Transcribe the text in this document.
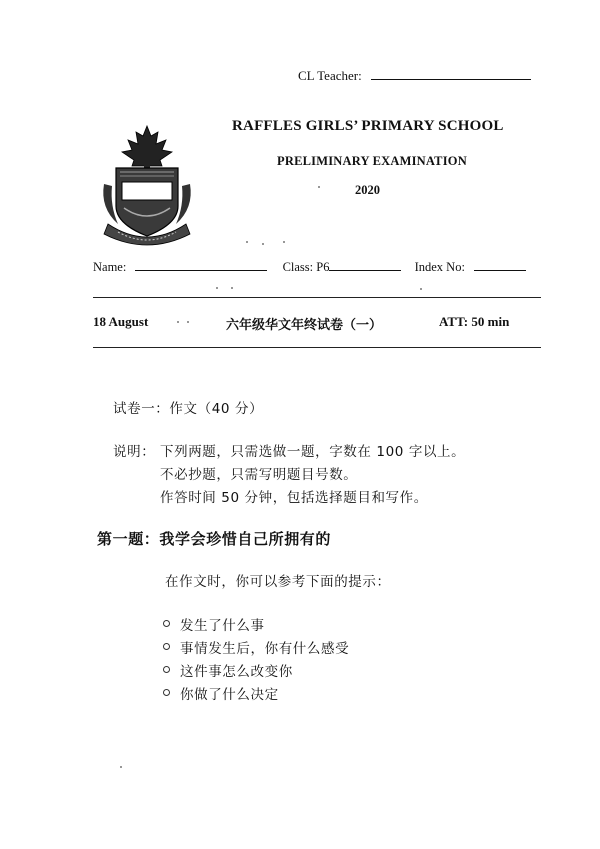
CL Teacher:
RAFFLES GIRLS’ PRIMARY SCHOOL
PRELIMINARY EXAMINATION
2020
Name:	Class: P6	Index No:
18 August	六年级华文年终试卷（一）	ATT: 50 min
试卷一：作文（40 分）
说明： 下列两题，只需选做一题，字数在 100 字以上。
不必抄题，只需写明题目号数。
作答时间 50 分钟，包括选择题目和写作。
第一题：我学会珍惜自己所拥有的
在作文时，你可以参考下面的提示：
发生了什么事
事情发生后，你有什么感受
这件事怎么改变你
你做了什么决定
